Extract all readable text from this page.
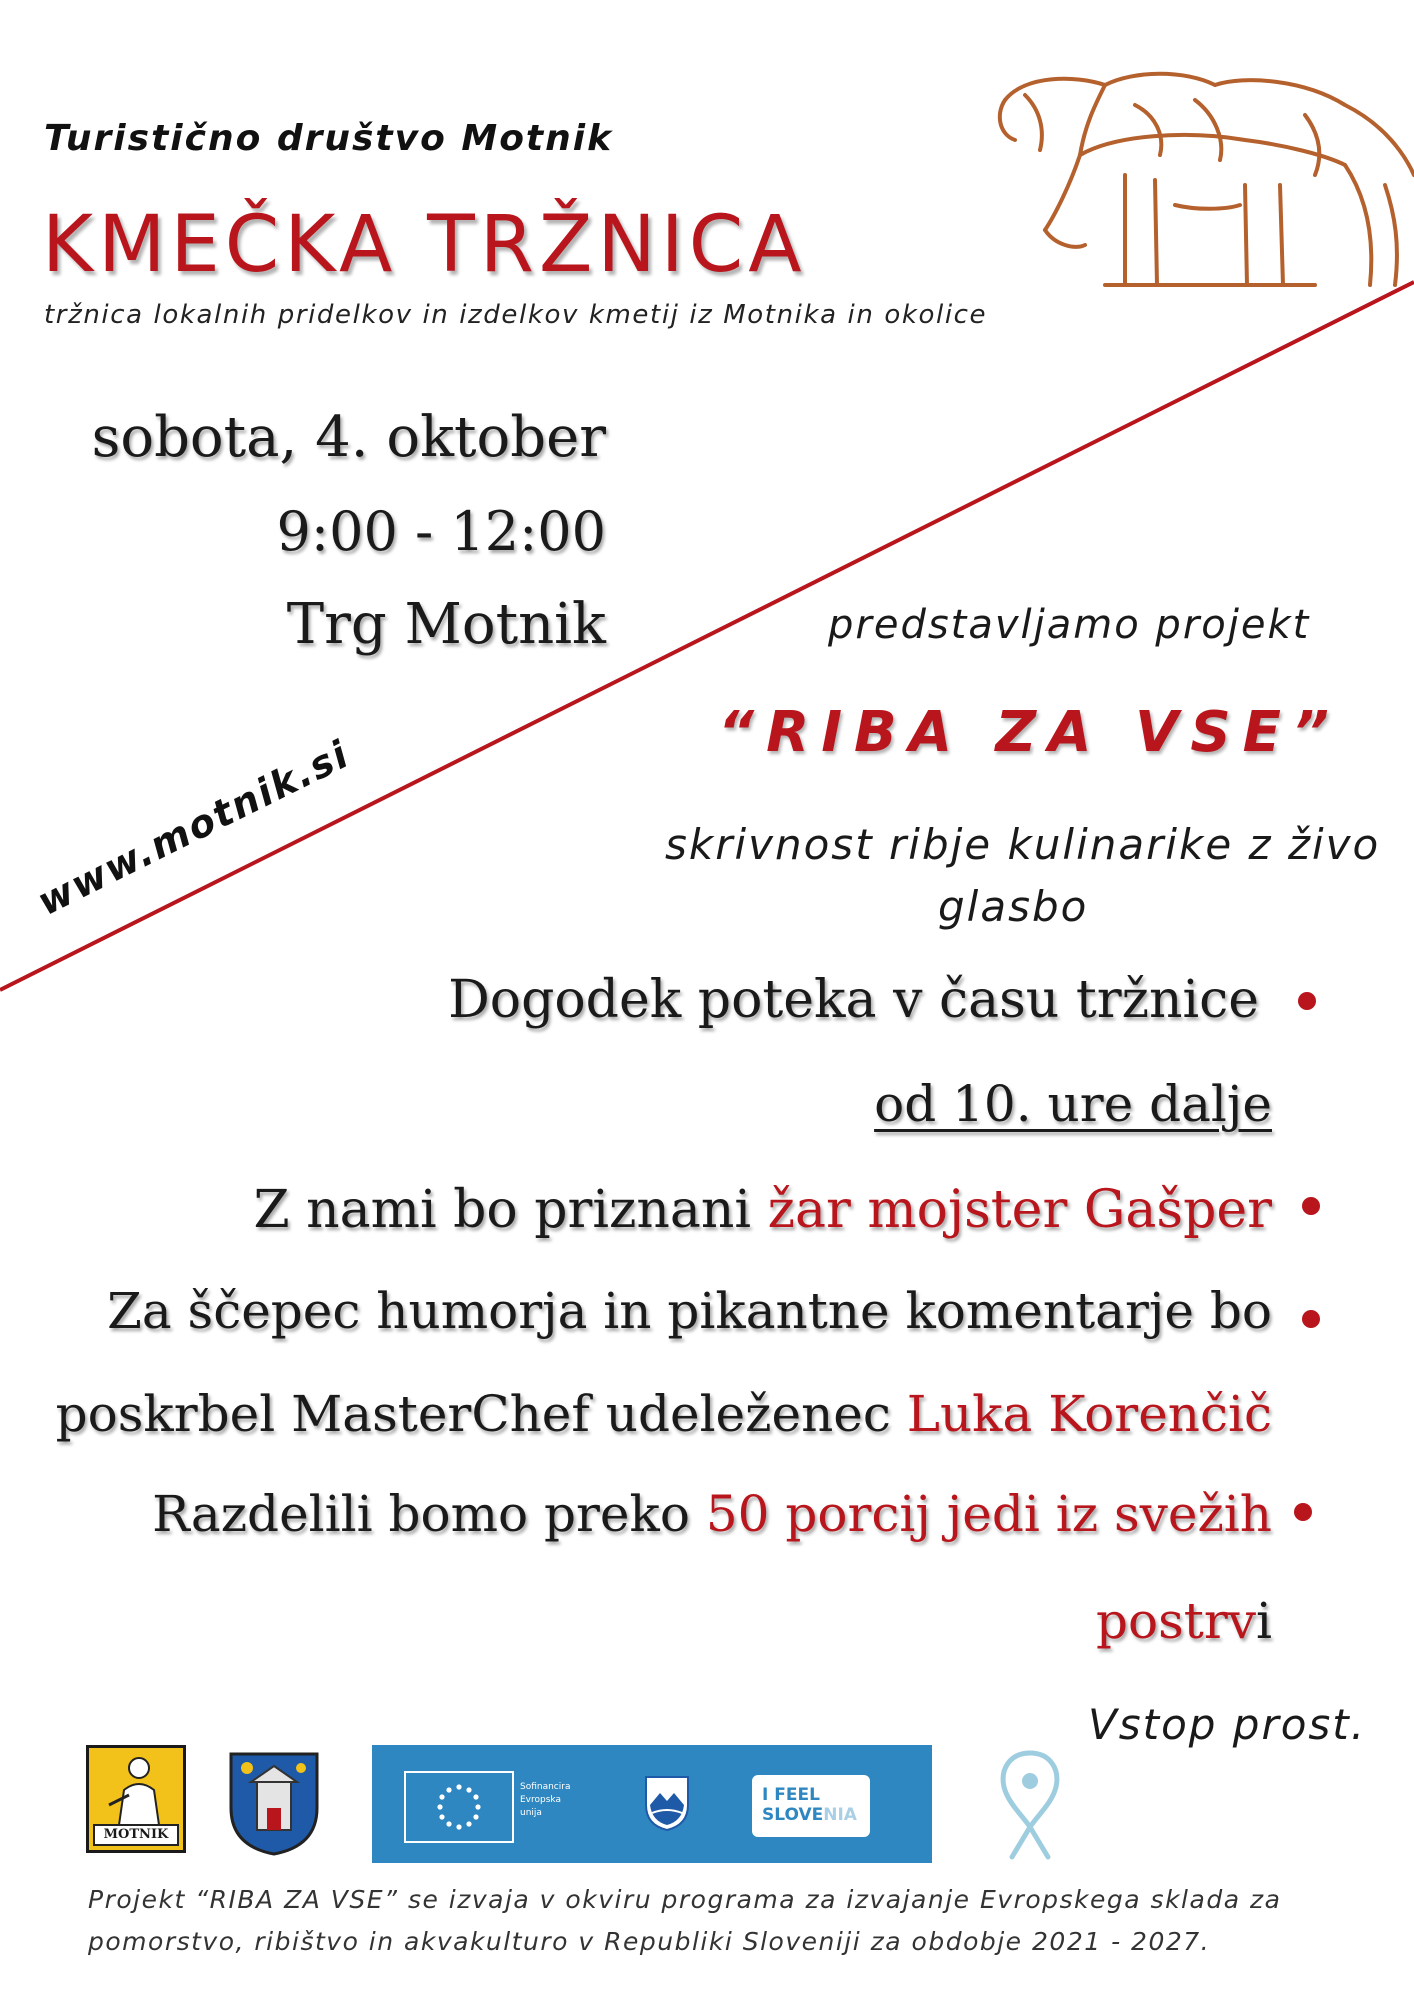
Turistično društvo Motnik
KMEČKA TRŽNICA
tržnica lokalnih pridelkov in izdelkov kmetij iz Motnika in okolice
sobota, 4. oktober
9:00 - 12:00
Trg Motnik
www.motnik.si
predstavljamo projekt
“RIBA ZA VSE”
skrivnost ribje kulinarike z živo
glasbo
Dogodek poteka v času tržnice
od 10. ure dalje
Z nami bo priznani žar mojster Gašper
Za ščepec humorja in pikantne komentarje bo
poskrbel MasterChef udeleženec Luka Korenčič
Razdelili bomo preko 50 porcij jedi iz svežih
postrvi
Vstop prost.
MOTNIK
Sofinancira
Evropska
unija
I FEEL
SLOVENIA
Projekt “RIBA ZA VSE” se izvaja v okviru programa za izvajanje Evropskega sklada za
pomorstvo, ribištvo in akvakulturo v Republiki Sloveniji za obdobje 2021 - 2027.
